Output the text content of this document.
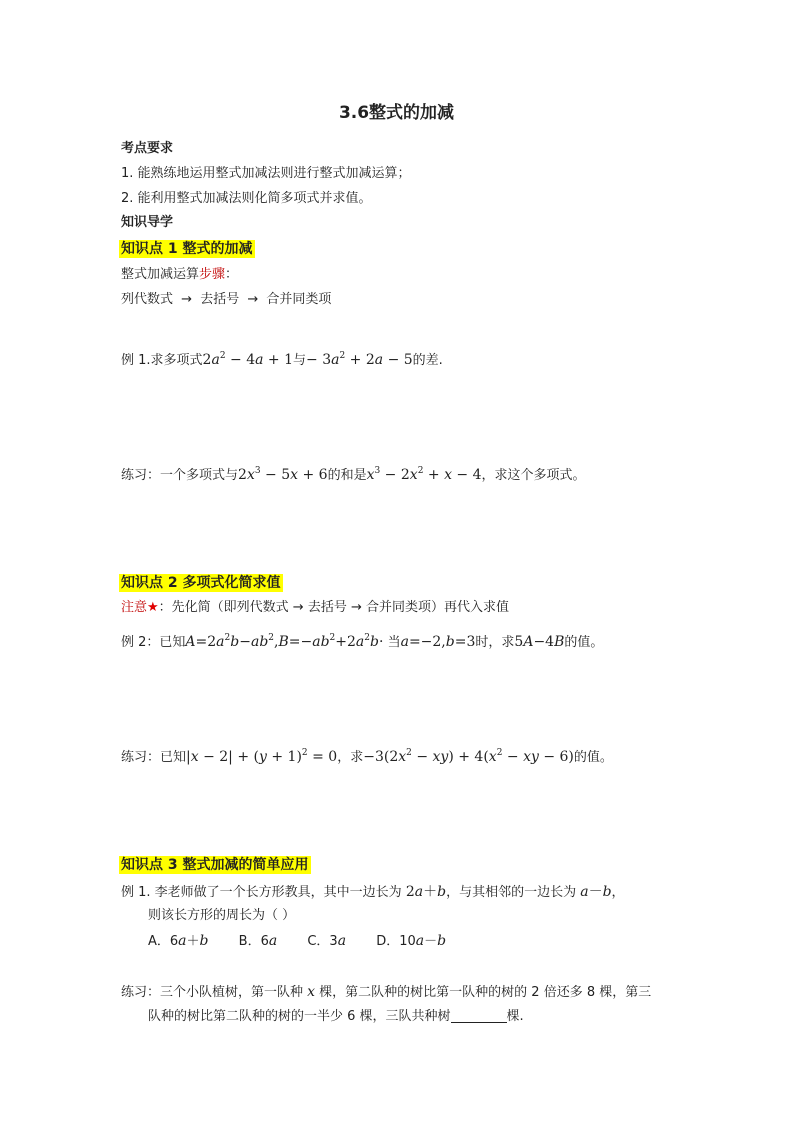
3.6整式的加减
考点要求
1. 能熟练地运用整式加减法则进行整式加减运算；
2. 能利用整式加减法则化简多项式并求值。
知识导学
知识点 1 整式的加减
整式加减运算步骤：
列代数式 → 去括号 → 合并同类项
例 1.求多项式$2a^2 - 4a + 1$与− $3a^2 + 2a - 5$的差.
练习：一个多项式与$2x^3 - 5x + 6$的和是$x^3 - 2x^2 + x - 4$，求这个多项式。
知识点 2 多项式化简求值
注意★：先化简（即列代数式 → 去括号 → 合并同类项）再代入求值
例 2：已知$A=2a^2b-ab^2,B=-ab^2+2a^2b\cdot$ 当a=−2,b=3时，求5A−4B的值。
练习：已知$|x - 2| + (y + 1)^2 = 0$，求$-3(2x^2 - xy) + 4(x^2$ − xy − 6)的值。
知识点 3 整式加减的简单应用
例 1. 李老师做了一个长方形教具，其中一边长为 2a＋b，与其相邻的一边长为 a－b，
则该长方形的周长为（ ）
A．6a＋b B．6a C．3a D．10a－b
练习：三个小队植树，第一队种 x 棵，第二队种的树比第一队种的树的 2 倍还多 8 棵，第三
队种的树比第二队种的树的一半少 6 棵，三队共种树	棵.
